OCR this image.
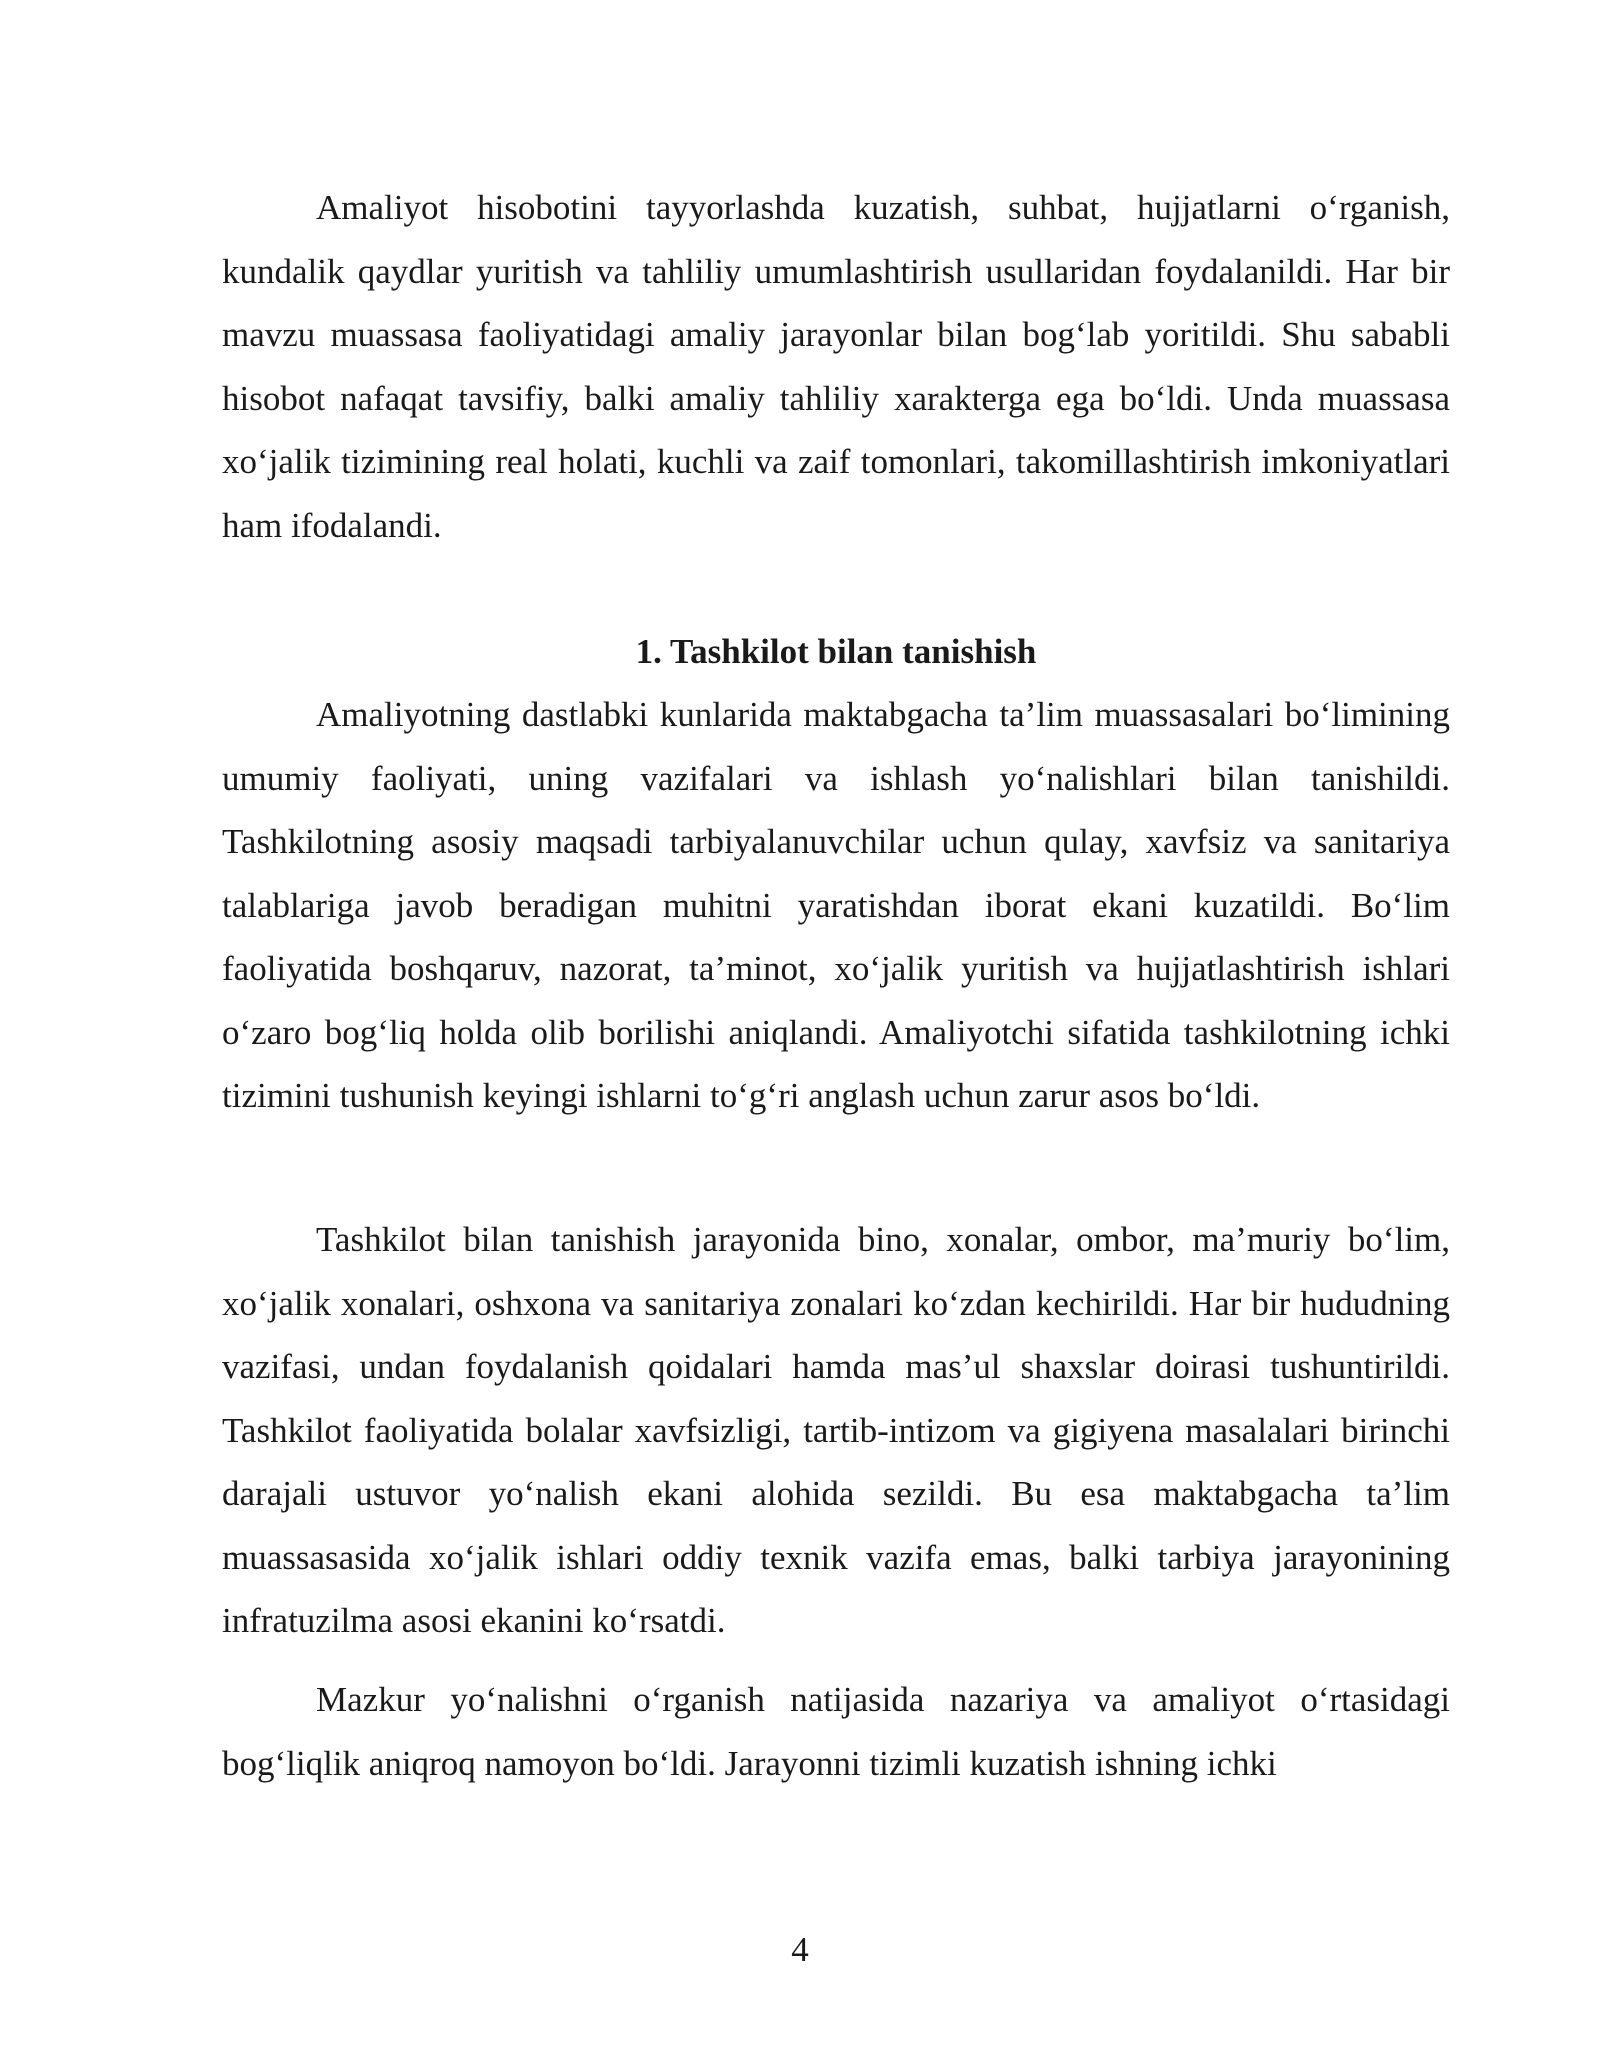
Amaliyot hisobotini tayyorlashda kuzatish, suhbat, hujjatlarni o‘rganish, kundalik qaydlar yuritish va tahliliy umumlashtirish usullaridan foydalanildi. Har bir mavzu muassasa faoliyatidagi amaliy jarayonlar bilan bog‘lab yoritildi. Shu sababli hisobot nafaqat tavsifiy, balki amaliy tahliliy xarakterga ega bo‘ldi. Unda muassasa xo‘jalik tizimining real holati, kuchli va zaif tomonlari, takomillashtirish imkoniyatlari ham ifodalandi.

1. Tashkilot bilan tanishish

Amaliyotning dastlabki kunlarida maktabgacha ta’lim muassasalari bo‘limining umumiy faoliyati, uning vazifalari va ishlash yo‘nalishlari bilan tanishildi. Tashkilotning asosiy maqsadi tarbiyalanuvchilar uchun qulay, xavfsiz va sanitariya talablariga javob beradigan muhitni yaratishdan iborat ekani kuzatildi. Bo‘lim faoliyatida boshqaruv, nazorat, ta’minot, xo‘jalik yuritish va hujjatlashtirish ishlari o‘zaro bog‘liq holda olib borilishi aniqlandi. Amaliyotchi sifatida tashkilotning ichki tizimini tushunish keyingi ishlarni to‘g‘ri anglash uchun zarur asos bo‘ldi.

Tashkilot bilan tanishish jarayonida bino, xonalar, ombor, ma’muriy bo‘lim, xo‘jalik xonalari, oshxona va sanitariya zonalari ko‘zdan kechirildi. Har bir hududning vazifasi, undan foydalanish qoidalari hamda mas’ul shaxslar doirasi tushuntirildi. Tashkilot faoliyatida bolalar xavfsizligi, tartib-intizom va gigiyena masalalari birinchi darajali ustuvor yo‘nalish ekani alohida sezildi. Bu esa maktabgacha ta’lim muassasasida xo‘jalik ishlari oddiy texnik vazifa emas, balki tarbiya jarayonining infratuzilma asosi ekanini ko‘rsatdi.

Mazkur yo‘nalishni o‘rganish natijasida nazariya va amaliyot o‘rtasidagi bog‘liqlik aniqroq namoyon bo‘ldi. Jarayonni tizimli kuzatish ishning ichki

4
